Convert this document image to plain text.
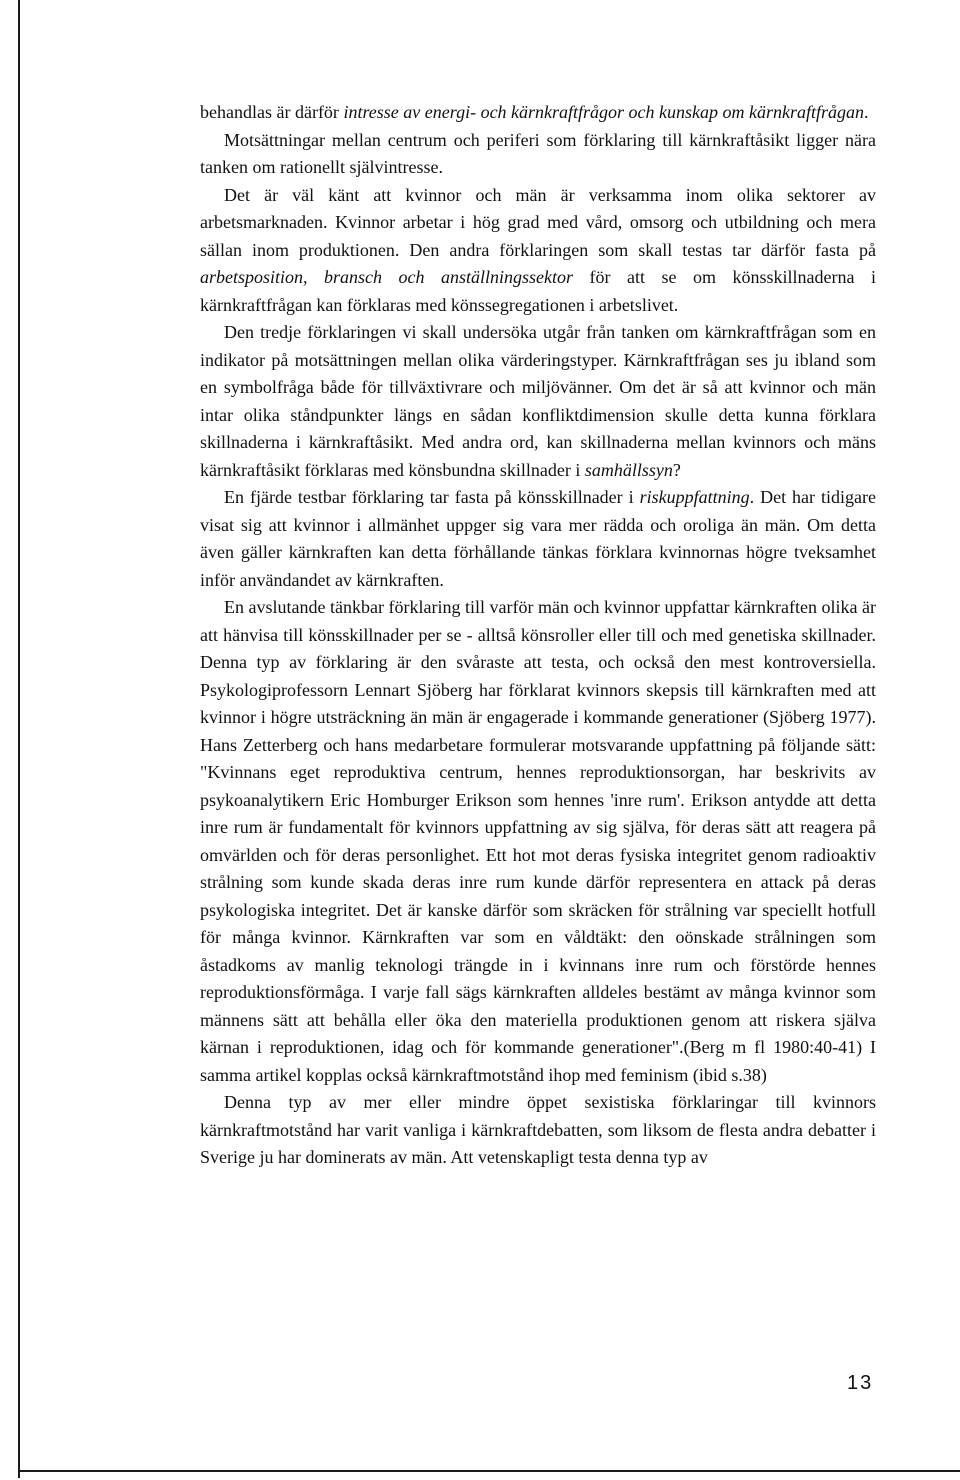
behandlas är därför intresse av energi- och kärnkraftfrågor och kunskap om kärnkraftfrågan.

Motsättningar mellan centrum och periferi som förklaring till kärnkraftåsikt ligger nära tanken om rationellt självintresse.

Det är väl känt att kvinnor och män är verksamma inom olika sektorer av arbetsmarknaden. Kvinnor arbetar i hög grad med vård, omsorg och utbildning och mera sällan inom produktionen. Den andra förklaringen som skall testas tar därför fasta på arbetsposition, bransch och anställningssektor för att se om könsskillnaderna i kärnkraftfrågan kan förklaras med könssegregationen i arbetslivet.

Den tredje förklaringen vi skall undersöka utgår från tanken om kärnkraftfrågan som en indikator på motsättningen mellan olika värderingstyper. Kärnkraftfrågan ses ju ibland som en symbolfråga både för tillväxtivrare och miljövänner. Om det är så att kvinnor och män intar olika ståndpunkter längs en sådan konfliktdimension skulle detta kunna förklara skillnaderna i kärnkraftåsikt. Med andra ord, kan skillnaderna mellan kvinnors och mäns kärnkraftåsikt förklaras med könsbundna skillnader i samhällssyn?

En fjärde testbar förklaring tar fasta på könsskillnader i riskuppfattning. Det har tidigare visat sig att kvinnor i allmänhet uppger sig vara mer rädda och oroliga än män. Om detta även gäller kärnkraften kan detta förhållande tänkas förklara kvinnornas högre tveksamhet inför användandet av kärnkraften.

En avslutande tänkbar förklaring till varför män och kvinnor uppfattar kärnkraften olika är att hänvisa till könsskillnader per se - alltså könsroller eller till och med genetiska skillnader. Denna typ av förklaring är den svåraste att testa, och också den mest kontroversiella. Psykologiprofessorn Lennart Sjöberg har förklarat kvinnors skepsis till kärnkraften med att kvinnor i högre utsträckning än män är engagerade i kommande generationer (Sjöberg 1977). Hans Zetterberg och hans medarbetare formulerar motsvarande uppfattning på följande sätt: "Kvinnans eget reproduktiva centrum, hennes reproduktionsorgan, har beskrivits av psykoanalytikern Eric Homburger Erikson som hennes 'inre rum'. Erikson antydde att detta inre rum är fundamentalt för kvinnors uppfattning av sig själva, för deras sätt att reagera på omvärlden och för deras personlighet. Ett hot mot deras fysiska integritet genom radioaktiv strålning som kunde skada deras inre rum kunde därför representera en attack på deras psykologiska integritet. Det är kanske därför som skräcken för strålning var speciellt hotfull för många kvinnor. Kärnkraften var som en våldtäkt: den oönskade strålningen som åstadkoms av manlig teknologi trängde in i kvinnans inre rum och förstörde hennes reproduktionsförmåga. I varje fall sägs kärnkraften alldeles bestämt av många kvinnor som männens sätt att behålla eller öka den materiella produktionen genom att riskera själva kärnan i reproduktionen, idag och för kommande generationer".(Berg m fl 1980:40-41) I samma artikel kopplas också kärnkraftmotstånd ihop med feminism (ibid s.38)

Denna typ av mer eller mindre öppet sexistiska förklaringar till kvinnors kärnkraftmotstånd har varit vanliga i kärnkraftdebatten, som liksom de flesta andra debatter i Sverige ju har dominerats av män. Att vetenskapligt testa denna typ av

13
